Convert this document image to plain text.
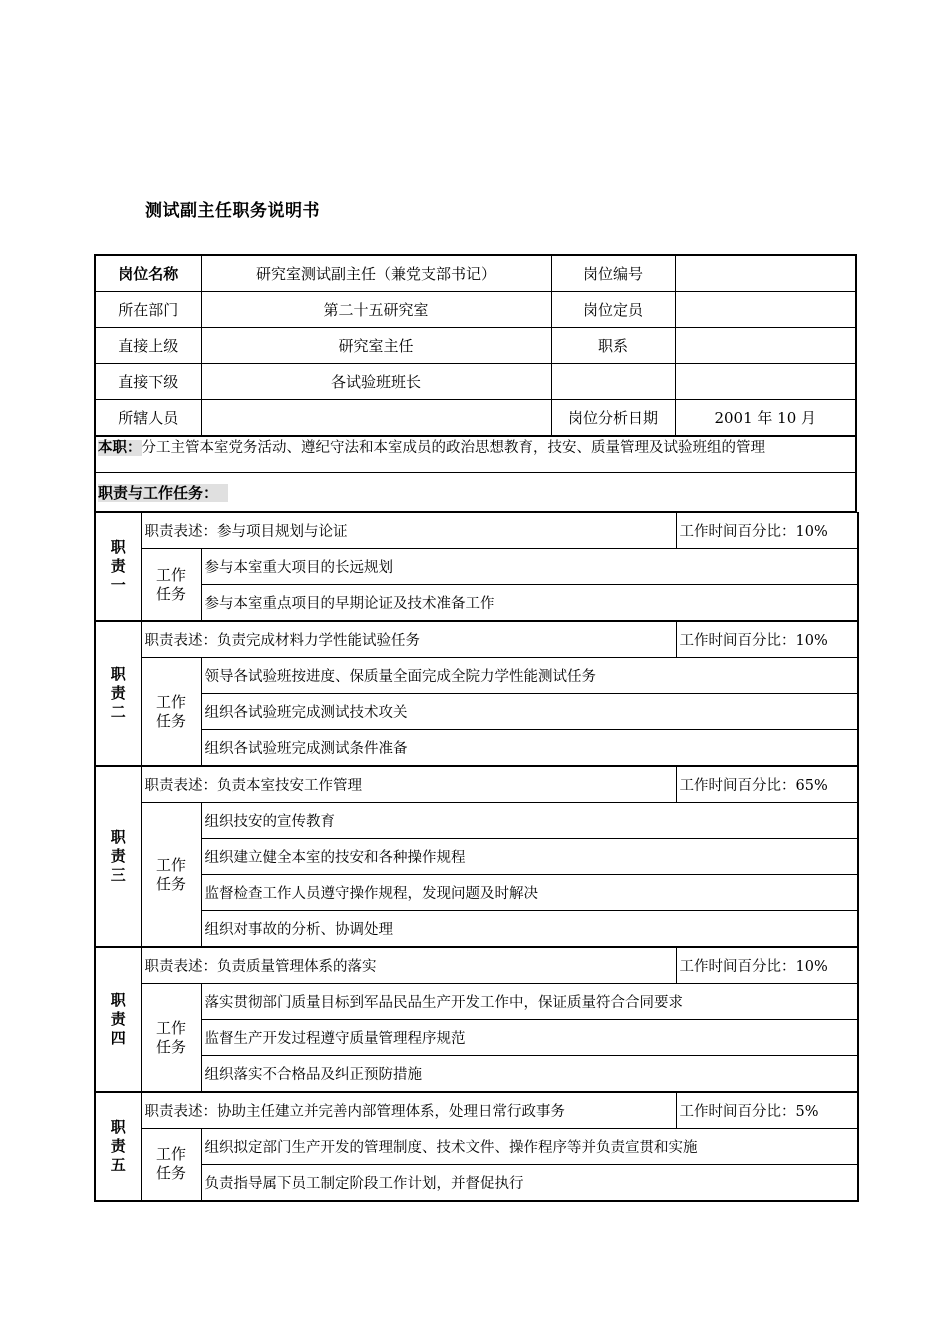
测试副主任职务说明书
岗位名称	研究室测试副主任（兼党支部书记）	岗位编号	
所在部门	第二十五研究室	岗位定员	
直接上级	研究室主任	职系	
直接下级	各试验班班长		
所辖人员		岗位分析日期	2001 年 10 月
本职：分工主管本室党务活动、遵纪守法和本室成员的政治思想教育，技安、质量管理及试验班组的管理
职责与工作任务：
职
责
一	职责表述：参与项目规划与论证		工作时间百分比：10%
	工作
任务	参与本室重大项目的长远规划	
		参与本室重点项目的早期论证及技术准备工作	
职
责
二	职责表述：负责完成材料力学性能试验任务		工作时间百分比：10%
	工作
任务	领导各试验班按进度、保质量全面完成全院力学性能测试任务	
		组织各试验班完成测试技术攻关	
		组织各试验班完成测试条件准备	
职
责
三	职责表述：负责本室技安工作管理		工作时间百分比：65%
	工作
任务	组织技安的宣传教育	
		组织建立健全本室的技安和各种操作规程	
		监督检查工作人员遵守操作规程，发现问题及时解决	
		组织对事故的分析、协调处理	
职
责
四	职责表述：负责质量管理体系的落实		工作时间百分比：10%
	工作
任务	落实贯彻部门质量目标到军品民品生产开发工作中，保证质量符合合同要求	
		监督生产开发过程遵守质量管理程序规范	
		组织落实不合格品及纠正预防措施	
职
责
五	职责表述：协助主任建立并完善内部管理体系，处理日常行政事务		工作时间百分比：5%
	工作
任务	组织拟定部门生产开发的管理制度、技术文件、操作程序等并负责宣贯和实施	
		负责指导属下员工制定阶段工作计划，并督促执行	
